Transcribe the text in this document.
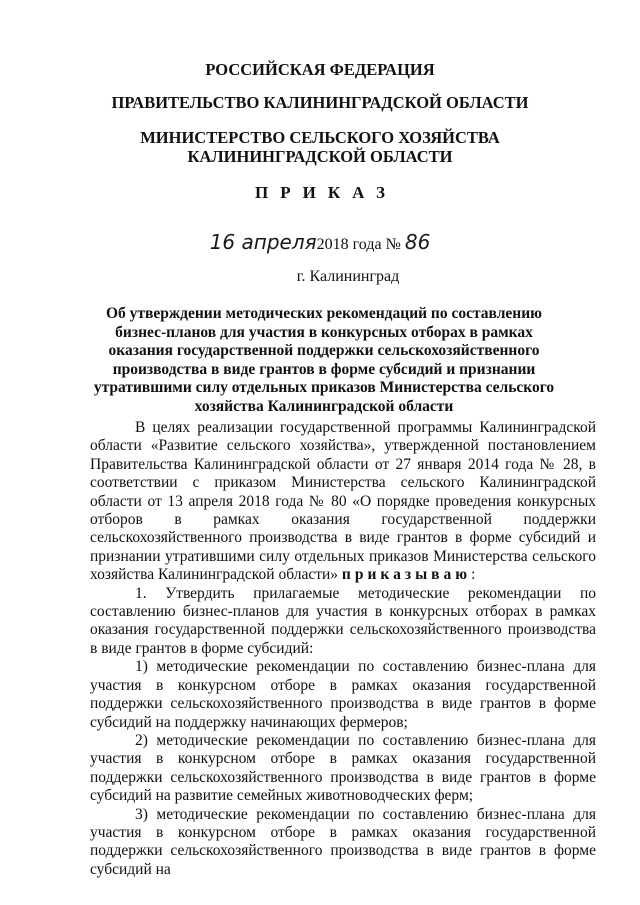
РОССИЙСКАЯ ФЕДЕРАЦИЯ
ПРАВИТЕЛЬСТВО КАЛИНИНГРАДСКОЙ ОБЛАСТИ
МИНИСТЕРСТВО СЕЛЬСКОГО ХОЗЯЙСТВА
КАЛИНИНГРАДСКОЙ ОБЛАСТИ
ПРИКАЗ
16 апреля2018 года № 86
г. Калининград
Об утверждении методических рекомендаций по составлению бизнес-планов для участия в конкурсных отборах в рамках оказания государственной поддержки сельскохозяйственного производства в виде грантов в форме субсидий и признании утратившими силу отдельных приказов Министерства сельского хозяйства Калининградской области

В целях реализации государственной программы Калининградской области «Развитие сельского хозяйства», утвержденной постановлением Правительства Калининградской области от 27 января 2014 года № 28, в соответствии с приказом Министерства сельского Калининградской области от 13 апреля 2018 года № 80 «О порядке проведения конкурсных отборов в рамках оказания государственной поддержки сельскохозяйственного производства в виде грантов в форме субсидий и признании утратившими силу отдельных приказов Министерства сельского хозяйства Калининградской области» приказываю:

1. Утвердить прилагаемые методические рекомендации по составлению бизнес-планов для участия в конкурсных отборах в рамках оказания государственной поддержки сельскохозяйственного производства в виде грантов в форме субсидий:

1) методические рекомендации по составлению бизнес-плана для участия в конкурсном отборе в рамках оказания государственной поддержки сельскохозяйственного производства в виде грантов в форме субсидий на поддержку начинающих фермеров;

2) методические рекомендации по составлению бизнес-плана для участия в конкурсном отборе в рамках оказания государственной поддержки сельскохозяйственного производства в виде грантов в форме субсидий на развитие семейных животноводческих ферм;

3) методические рекомендации по составлению бизнес-плана для участия в конкурсном отборе в рамках оказания государственной поддержки сельскохозяйственного производства в виде грантов в форме субсидий на
